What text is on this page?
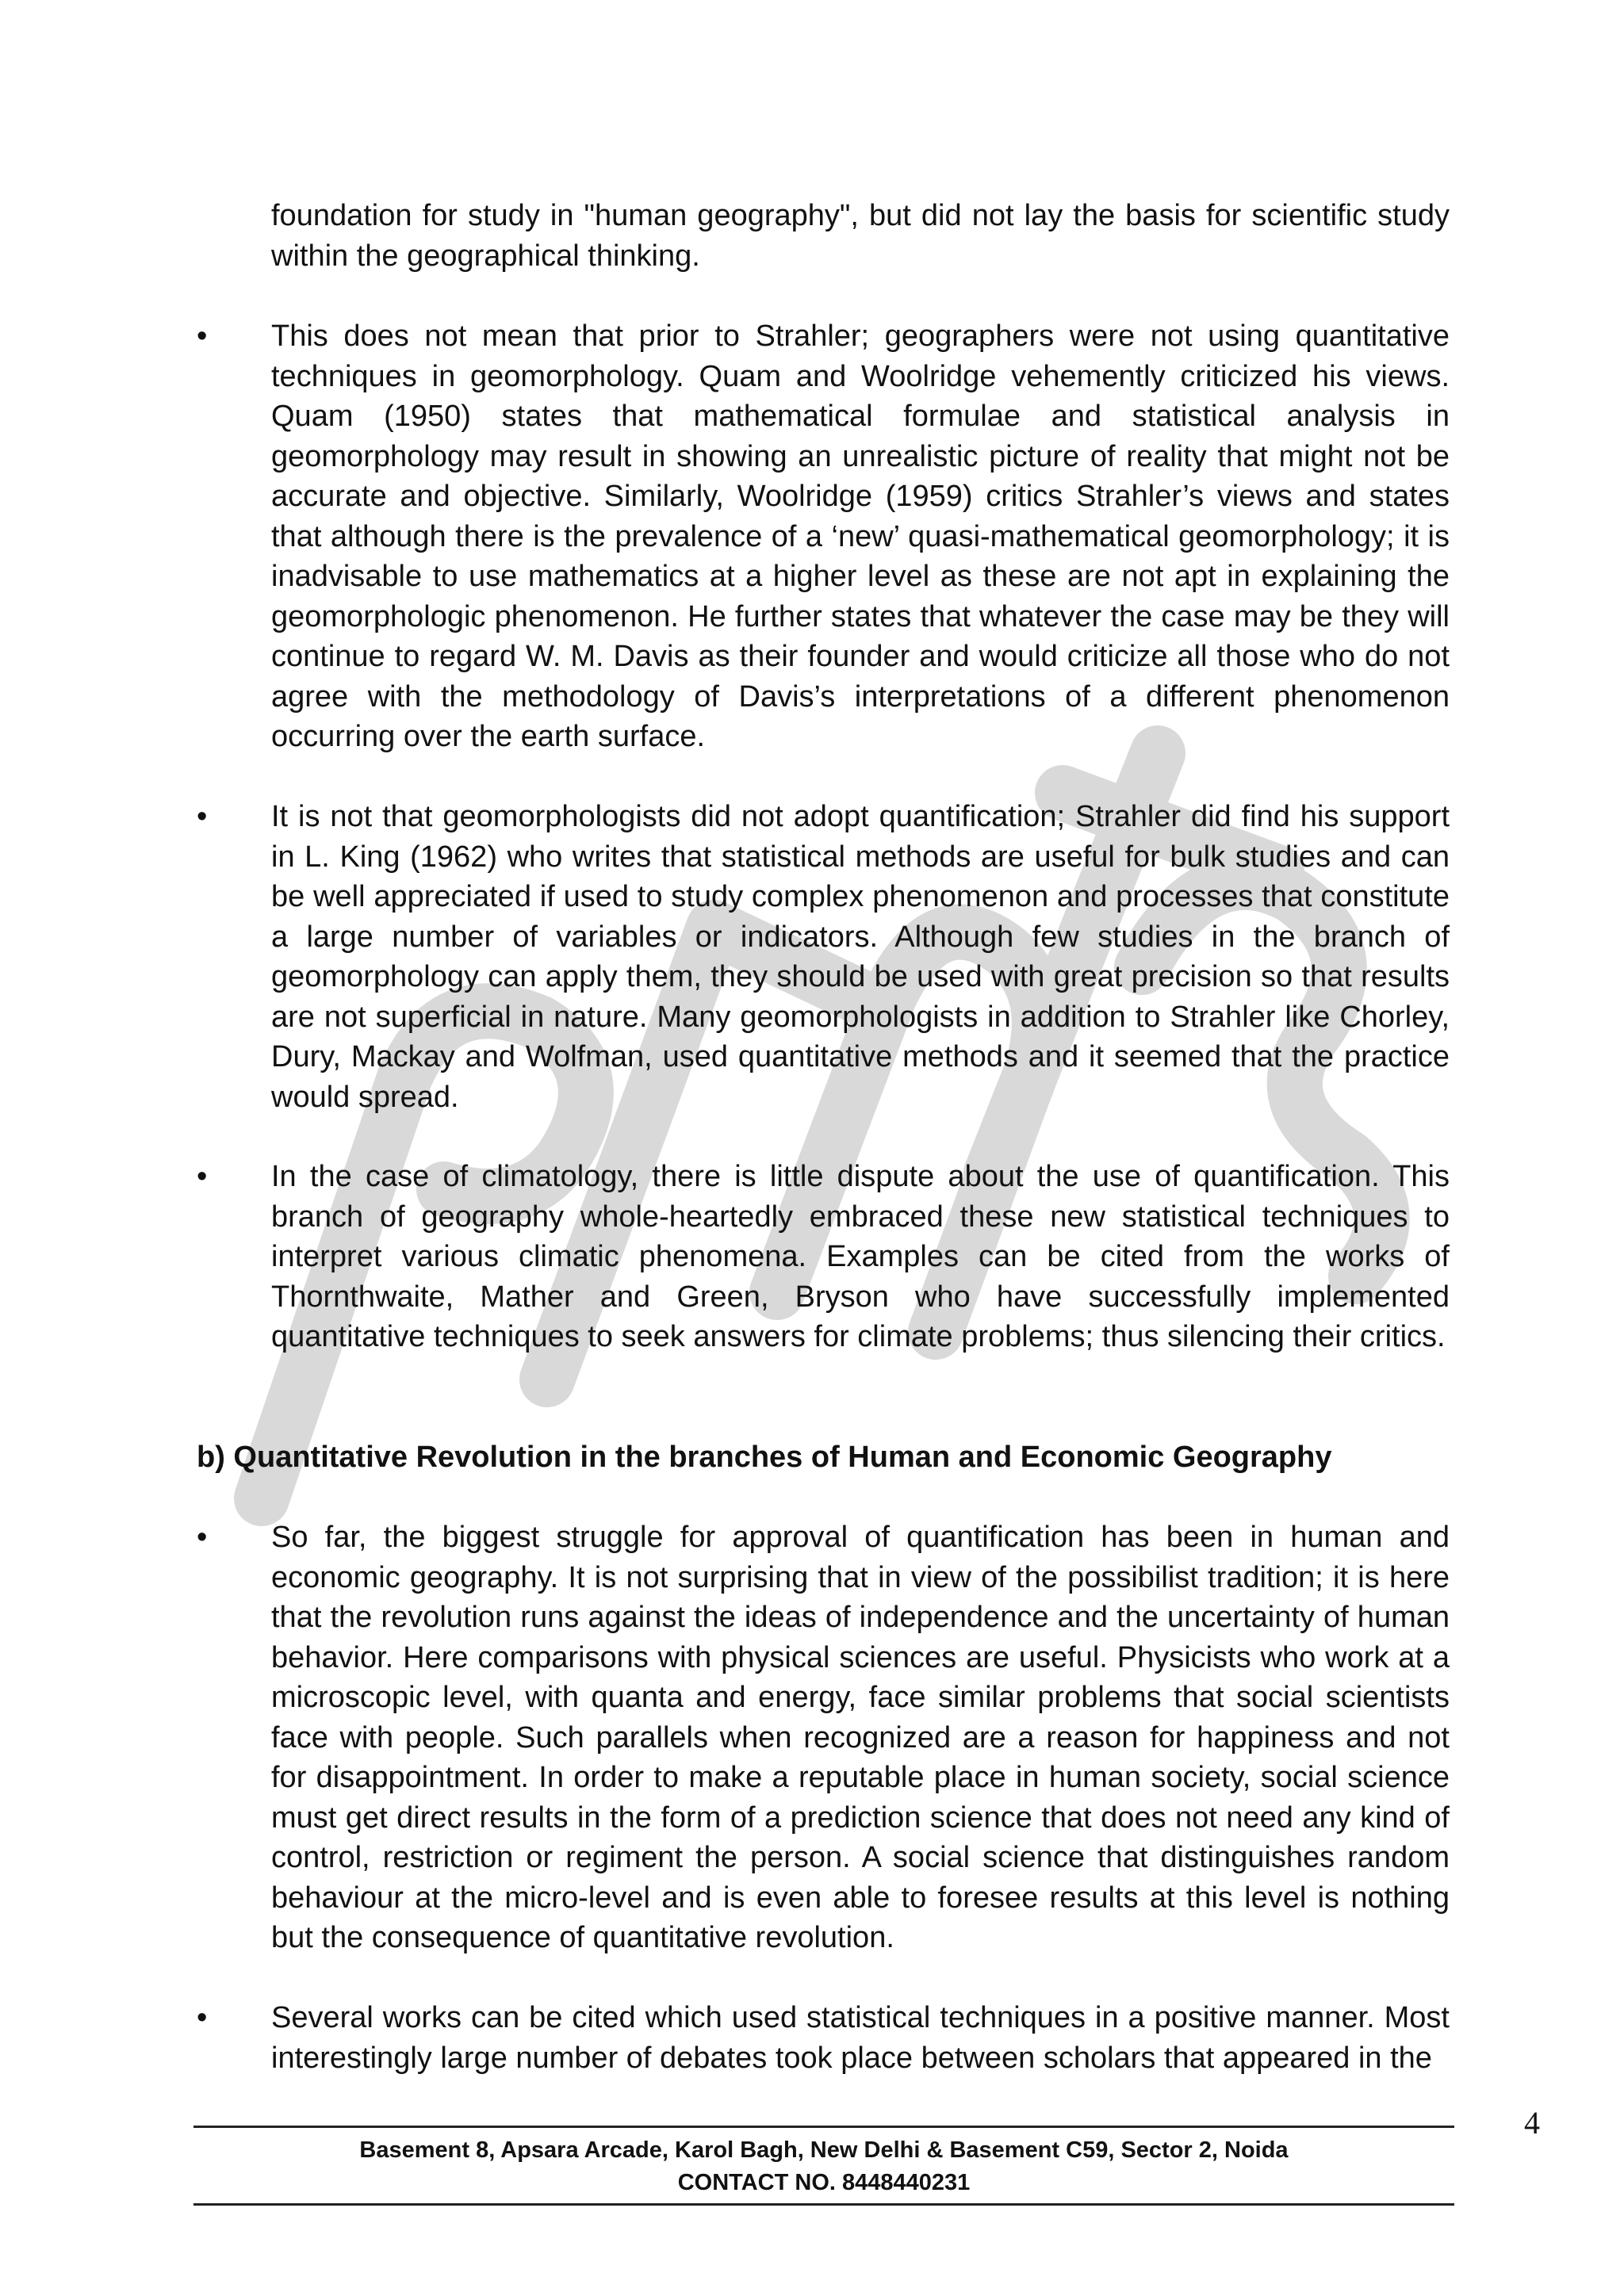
foundation for study in "human geography", but did not lay the basis for scientific study within the geographical thinking.

• This does not mean that prior to Strahler; geographers were not using quantitative techniques in geomorphology. Quam and Woolridge vehemently criticized his views. Quam (1950) states that mathematical formulae and statistical analysis in geomorphology may result in showing an unrealistic picture of reality that might not be accurate and objective. Similarly, Woolridge (1959) critics Strahler’s views and states that although there is the prevalence of a ‘new’ quasi-mathematical geomorphology; it is inadvisable to use mathematics at a higher level as these are not apt in explaining the geomorphologic phenomenon. He further states that whatever the case may be they will continue to regard W. M. Davis as their founder and would criticize all those who do not agree with the methodology of Davis’s interpretations of a different phenomenon occurring over the earth surface.

• It is not that geomorphologists did not adopt quantification; Strahler did find his support in L. King (1962) who writes that statistical methods are useful for bulk studies and can be well appreciated if used to study complex phenomenon and processes that constitute a large number of variables or indicators. Although few studies in the branch of geomorphology can apply them, they should be used with great precision so that results are not superficial in nature. Many geomorphologists in addition to Strahler like Chorley, Dury, Mackay and Wolfman, used quantitative methods and it seemed that the practice would spread.

• In the case of climatology, there is little dispute about the use of quantification. This branch of geography whole-heartedly embraced these new statistical techniques to interpret various climatic phenomena. Examples can be cited from the works of Thornthwaite, Mather and Green, Bryson who have successfully implemented quantitative techniques to seek answers for climate problems; thus silencing their critics.

b) Quantitative Revolution in the branches of Human and Economic Geography
• So far, the biggest struggle for approval of quantification has been in human and economic geography. It is not surprising that in view of the possibilist tradition; it is here that the revolution runs against the ideas of independence and the uncertainty of human behavior. Here comparisons with physical sciences are useful. Physicists who work at a microscopic level, with quanta and energy, face similar problems that social scientists face with people. Such parallels when recognized are a reason for happiness and not for disappointment. In order to make a reputable place in human society, social science must get direct results in the form of a prediction science that does not need any kind of control, restriction or regiment the person. A social science that distinguishes random behaviour at the micro-level and is even able to foresee results at this level is nothing but the consequence of quantitative revolution.

• Several works can be cited which used statistical techniques in a positive manner. Most interestingly large number of debates took place between scholars that appeared in the

Basement 8, Apsara Arcade, Karol Bagh, New Delhi & Basement C59, Sector 2, Noida
CONTACT NO. 8448440231
4
